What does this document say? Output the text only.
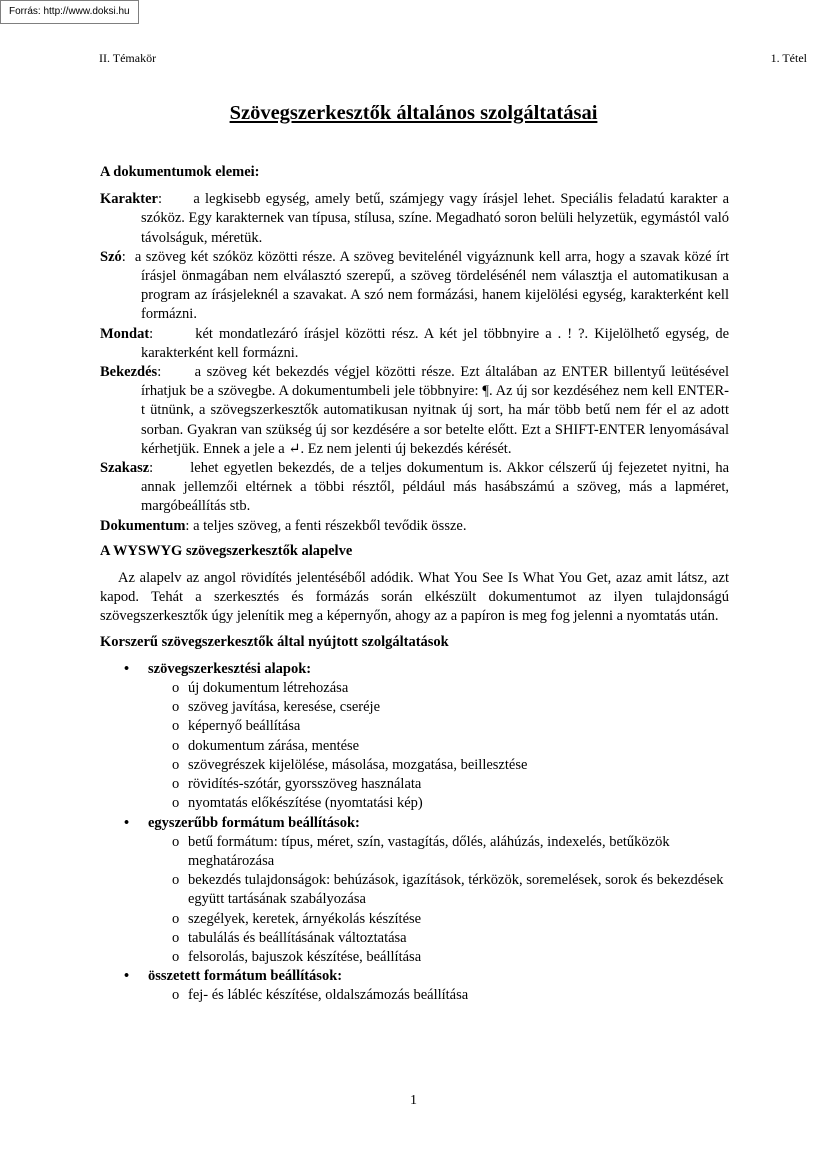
Forrás: http://www.doksi.hu
II. Témakör	1. Tétel
Szövegszerkesztők általános szolgáltatásai
A dokumentumok elemei:

Karakter:      a legkisebb egység, amely betű, számjegy vagy írásjel lehet. Speciális feladatú karakter a szóköz. Egy karakternek van típusa, stílusa, színe. Megadható soron belüli helyzetük, egymástól való távolságuk, méretük.

Szó:  a szöveg két szóköz közötti része. A szöveg bevitelénél vigyáznunk kell arra, hogy a szavak közé írt írásjel önmagában nem elválasztó szerepű, a szöveg tördelésénél nem választja el automatikusan a program az írásjeleknél a szavakat. A szó nem formázási, hanem kijelölési egység, karakterként kell formázni.

Mondat:       két mondatlezáró írásjel közötti rész. A két jel többnyire a . ! ?. Kijelölhető egység, de karakterként kell formázni.

Bekezdés:      a szöveg két bekezdés végjel közötti része. Ezt általában az ENTER billentyű leütésével írhatjuk be a szövegbe. A dokumentumbeli jele többnyire: ¶. Az új sor kezdéséhez nem kell ENTER-t ütnünk, a szövegszerkesztők automatikusan nyitnak új sort, ha már több betű nem fér el az adott sorban. Gyakran van szükség új sor kezdésére a sor betelte előtt. Ezt a SHIFT-ENTER lenyomásával kérhetjük. Ennek a jele a ↵. Ez nem jelenti új bekezdés kérését.

Szakasz:       lehet egyetlen bekezdés, de a teljes dokumentum is. Akkor célszerű új fejezetet nyitni, ha annak jellemzői eltérnek a többi résztől, például más hasábszámú a szöveg, más a lapméret, margóbeállítás stb.

Dokumentum: a teljes szöveg, a fenti részekből tevődik össze.

A WYSWYG szövegszerkesztők alapelve

Az alapelv az angol rövidítés jelentéséből adódik. What You See Is What You Get, azaz amit látsz, azt kapod. Tehát a szerkesztés és formázás során elkészült dokumentumot az ilyen tulajdonságú szövegszerkesztők úgy jelenítik meg a képernyőn, ahogy az a papíron is meg fog jelenni a nyomtatás után.

Korszerű szövegszerkesztők által nyújtott szolgáltatások
• szövegszerkesztési alapok:
o új dokumentum létrehozása
o szöveg javítása, keresése, cseréje
o képernyő beállítása
o dokumentum zárása, mentése
o szövegrészek kijelölése, másolása, mozgatása, beillesztése
o rövidítés-szótár, gyorsszöveg használata
o nyomtatás előkészítése (nyomtatási kép)
• egyszerűbb formátum beállítások:
o betű formátum: típus, méret, szín, vastagítás, dőlés, aláhúzás, indexelés, betűközök meghatározása
o bekezdés tulajdonságok: behúzások, igazítások, térközök, soremelések, sorok és bekezdések együtt tartásának szabályozása
o szegélyek, keretek, árnyékolás készítése
o tabulálás és beállításának változtatása
o felsorolás, bajuszok készítése, beállítása
• összetett formátum beállítások:
o fej- és lábléc készítése, oldalszámozás beállítása
1
